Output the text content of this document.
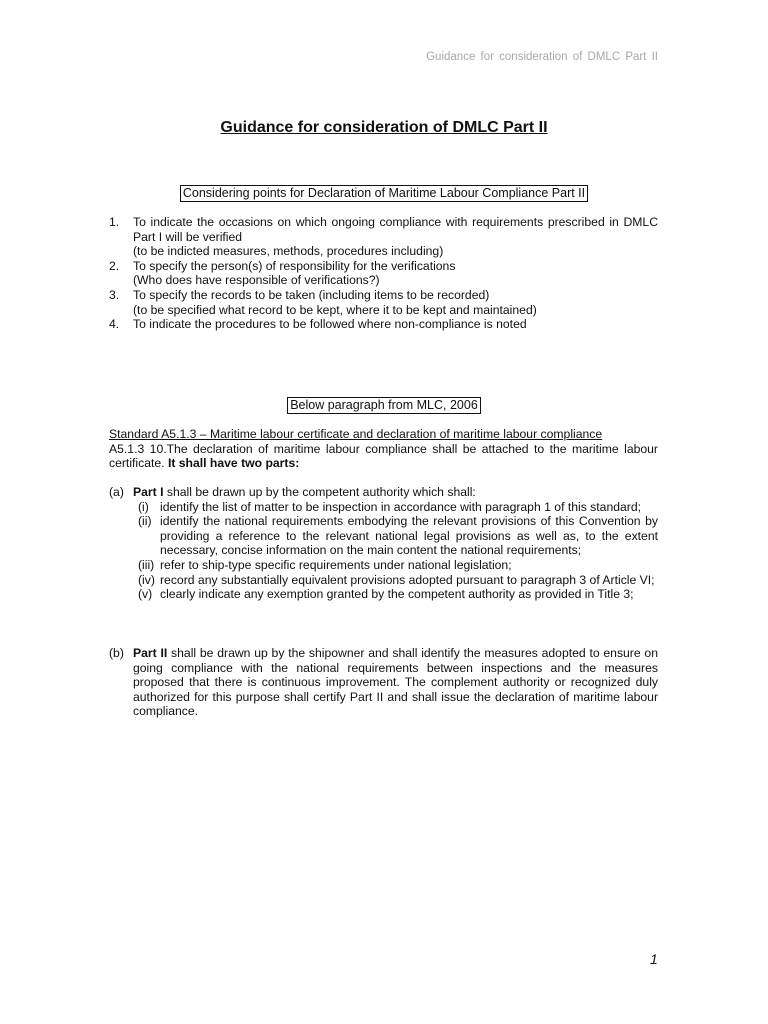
Guidance for consideration of DMLC Part II
Guidance for consideration of DMLC Part II
Considering points for Declaration of Maritime Labour Compliance Part II
1. To indicate the occasions on which ongoing compliance with requirements prescribed in DMLC Part I will be verified
(to be indicted measures, methods, procedures including)
2. To specify the person(s) of responsibility for the verifications
(Who does have responsible of verifications?)
3. To specify the records to be taken (including items to be recorded)
(to be specified what record to be kept, where it to be kept and maintained)
4. To indicate the procedures to be followed where non-compliance is noted
Below paragraph from MLC, 2006
Standard A5.1.3 – Maritime labour certificate and declaration of maritime labour compliance
A5.1.3 10.The declaration of maritime labour compliance shall be attached to the maritime labour certificate. It shall have two parts:
(a) Part I shall be drawn up by the competent authority which shall:
(i) identify the list of matter to be inspection in accordance with paragraph 1 of this standard;
(ii) identify the national requirements embodying the relevant provisions of this Convention by providing a reference to the relevant national legal provisions as well as, to the extent necessary, concise information on the main content the national requirements;
(iii) refer to ship-type specific requirements under national legislation;
(iv) record any substantially equivalent provisions adopted pursuant to paragraph 3 of Article VI;
(v) clearly indicate any exemption granted by the competent authority as provided in Title 3;
(b) Part II shall be drawn up by the shipowner and shall identify the measures adopted to ensure on going compliance with the national requirements between inspections and the measures proposed that there is continuous improvement. The complement authority or recognized duly authorized for this purpose shall certify Part II and shall issue the declaration of maritime labour compliance.
1
